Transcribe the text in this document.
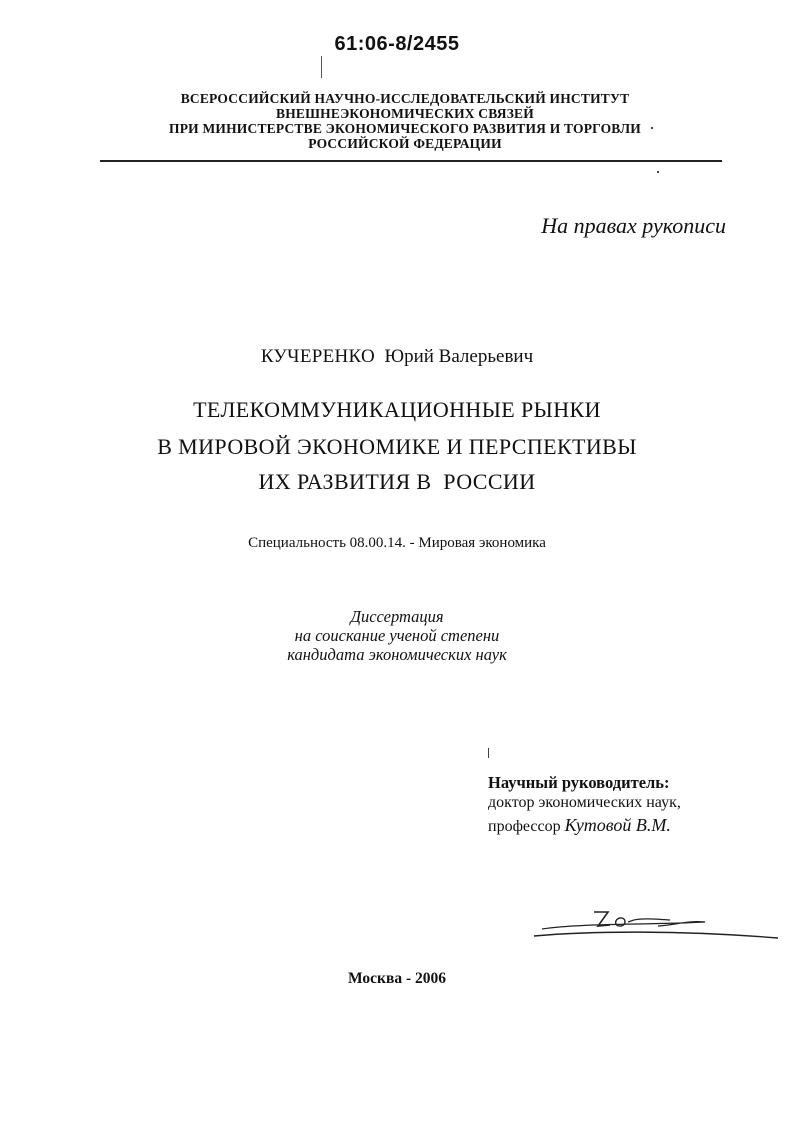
61:06-8/2455
ВСЕРОССИЙСКИЙ НАУЧНО-ИССЛЕДОВАТЕЛЬСКИЙ ИНСТИТУТ
ВНЕШНЕЭКОНОМИЧЕСКИХ СВЯЗЕЙ
ПРИ МИНИСТЕРСТВЕ ЭКОНОМИЧЕСКОГО РАЗВИТИЯ И ТОРГОВЛИ
РОССИЙСКОЙ ФЕДЕРАЦИИ
На правах рукописи
КУЧЕРЕНКО Юрий Валерьевич
ТЕЛЕКОММУНИКАЦИОННЫЕ РЫНКИ
В МИРОВОЙ ЭКОНОМИКЕ И ПЕРСПЕКТИВЫ
ИХ РАЗВИТИЯ В  РОССИИ
Специальность 08.00.14. - Мировая экономика
Диссертация
на соискание ученой степени
кандидата экономических наук
Научный руководитель:
доктор экономических наук,
профессор Кутовой В.М.
Москва - 2006
